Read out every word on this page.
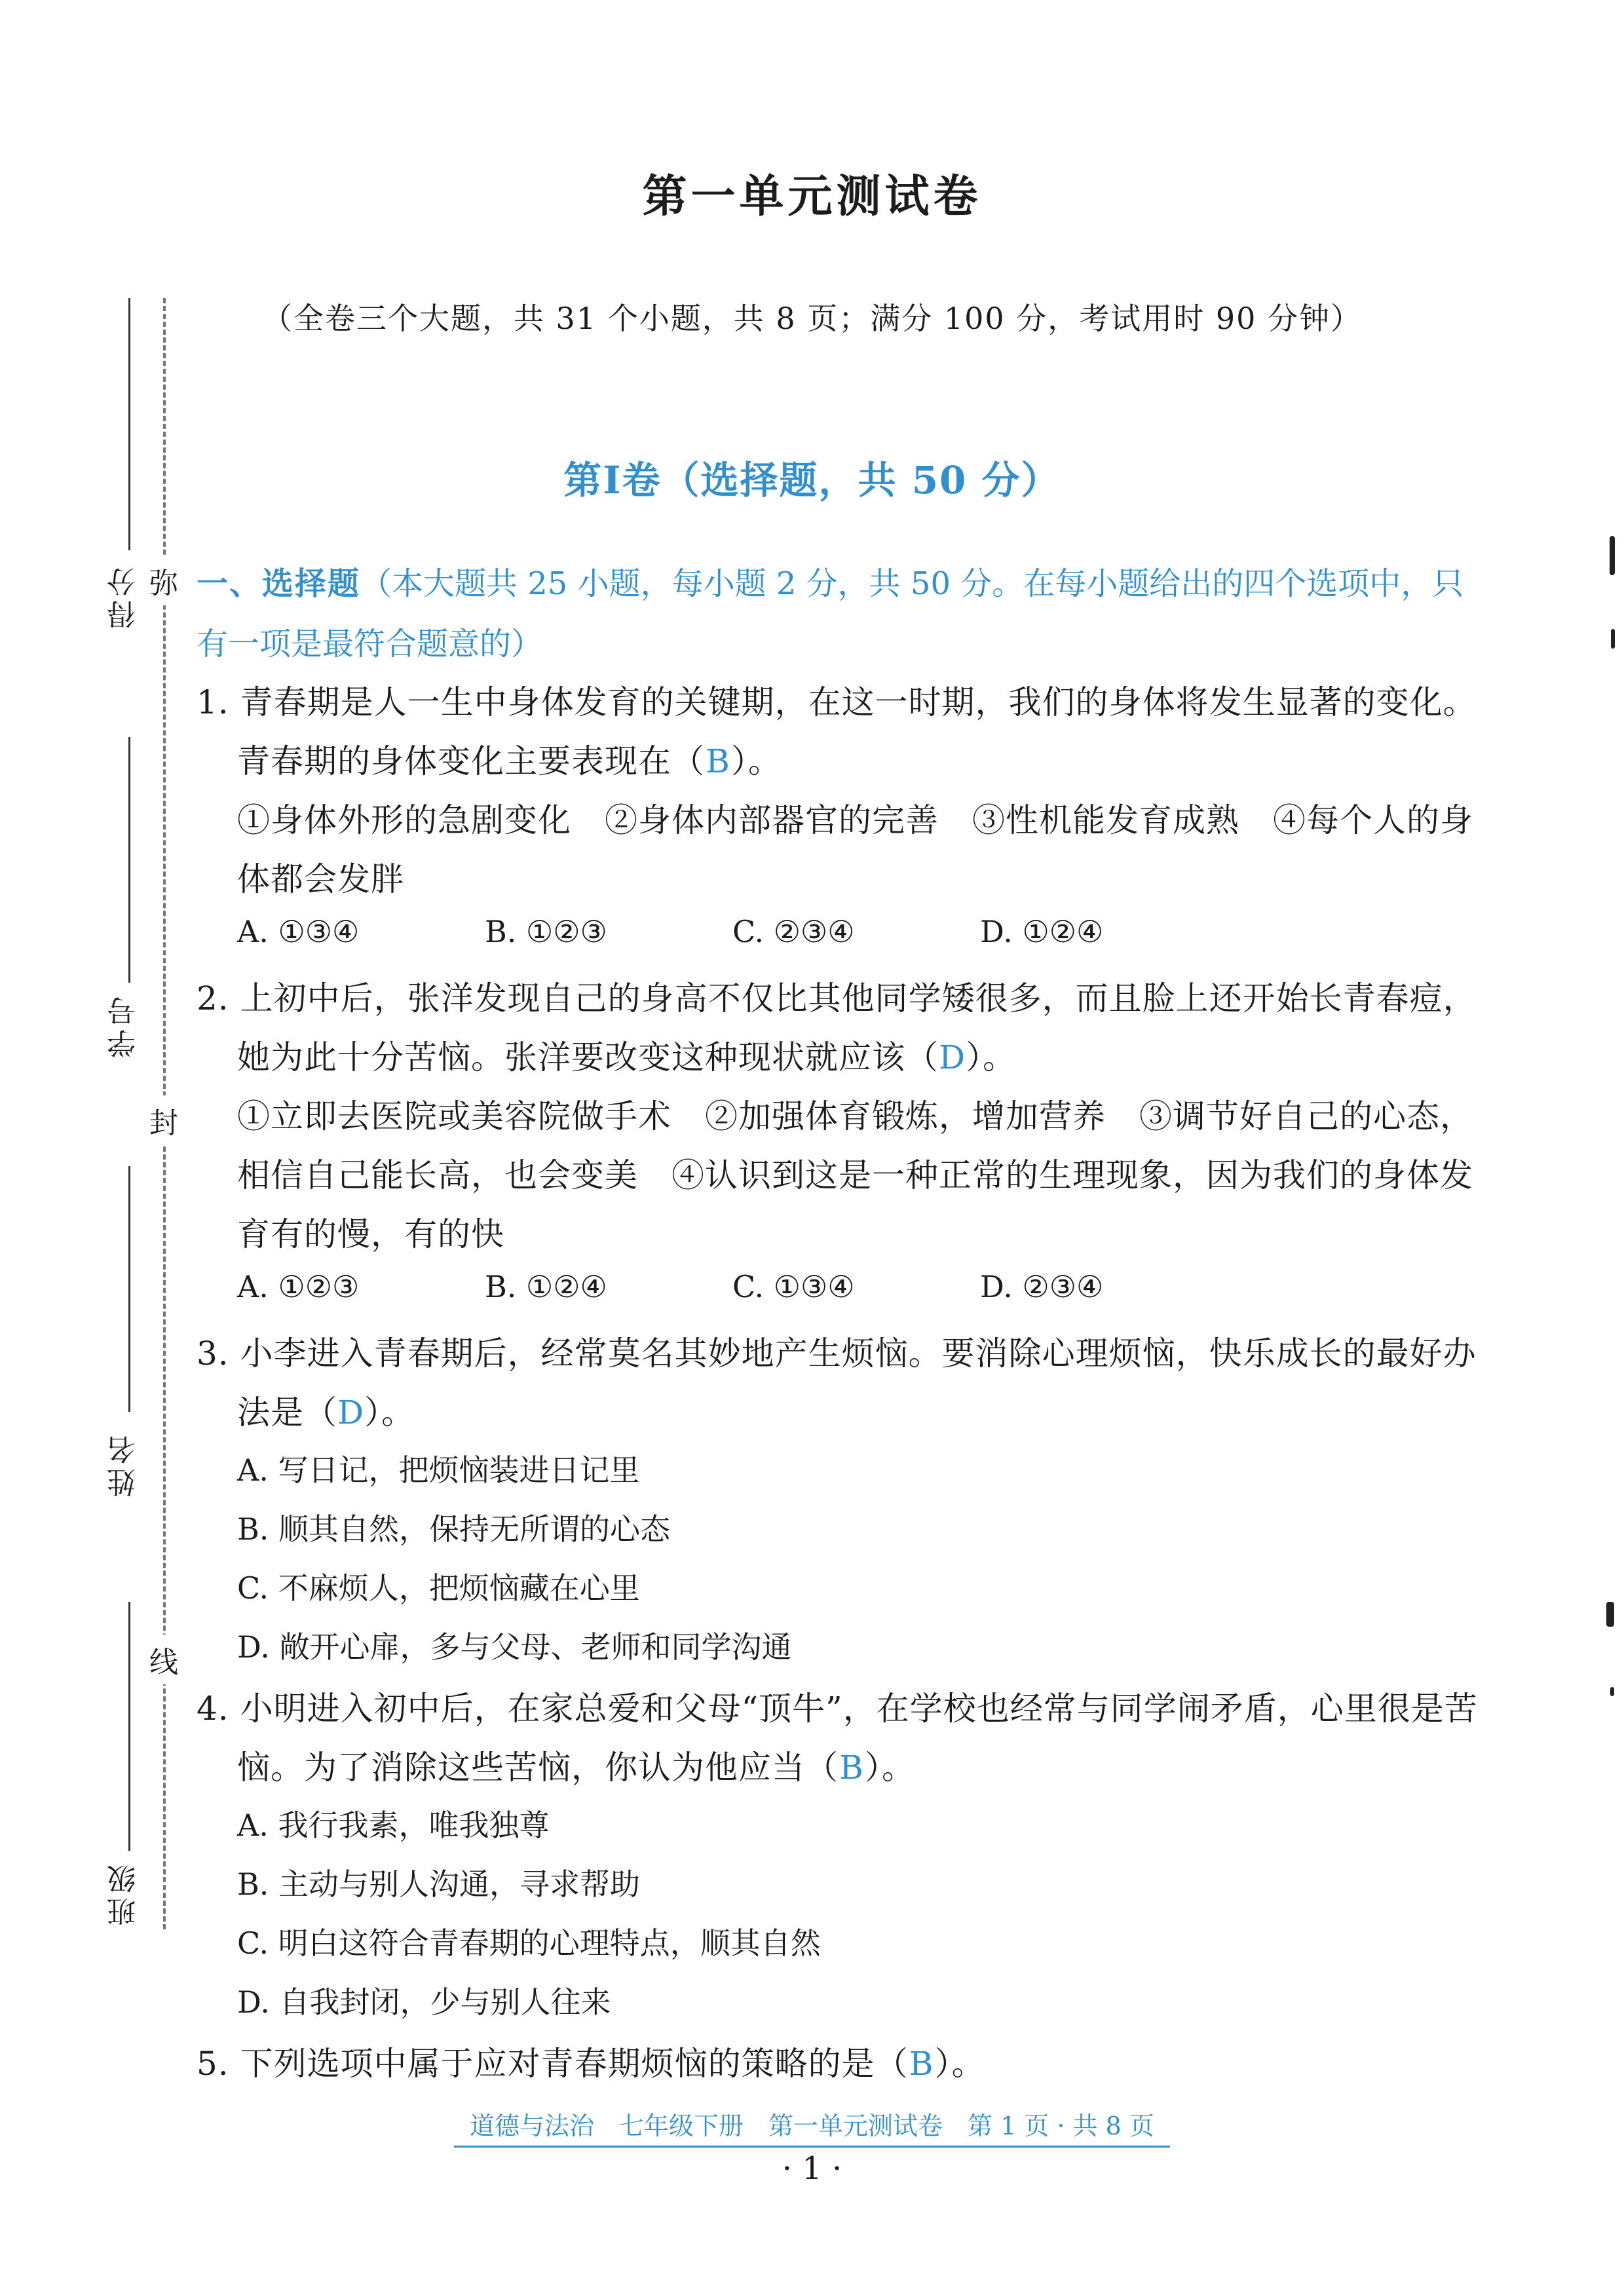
第一单元测试卷
（全卷三个大题，共 31 个小题，共 8 页；满分 100 分，考试用时 90 分钟）
第Ⅰ卷（选择题，共 50 分）
得分
学号
姓名
班级
弥
封
线
一、选择题（本大题共 25 小题，每小题 2 分，共 50 分。在每小题给出的四个选项中，只
有一项是最符合题意的）
1. 青春期是人一生中身体发育的关键期，在这一时期，我们的身体将发生显著的变化。
青春期的身体变化主要表现在（B）。
①身体外形的急剧变化　②身体内部器官的完善　③性机能发育成熟　④每个人的身
体都会发胖
A. ①③④	B. ①②③	C. ②③④	D. ①②④
2. 上初中后，张洋发现自己的身高不仅比其他同学矮很多，而且脸上还开始长青春痘，
她为此十分苦恼。张洋要改变这种现状就应该（D）。
①立即去医院或美容院做手术　②加强体育锻炼，增加营养　③调节好自己的心态，
相信自己能长高，也会变美　④认识到这是一种正常的生理现象，因为我们的身体发
育有的慢，有的快
A. ①②③	B. ①②④	C. ①③④	D. ②③④
3. 小李进入青春期后，经常莫名其妙地产生烦恼。要消除心理烦恼，快乐成长的最好办
法是（D）。
A. 写日记，把烦恼装进日记里
B. 顺其自然，保持无所谓的心态
C. 不麻烦人，把烦恼藏在心里
D. 敞开心扉，多与父母、老师和同学沟通
4. 小明进入初中后，在家总爱和父母“顶牛”，在学校也经常与同学闹矛盾，心里很是苦
恼。为了消除这些苦恼，你认为他应当（B）。
A. 我行我素，唯我独尊
B. 主动与别人沟通，寻求帮助
C. 明白这符合青春期的心理特点，顺其自然
D. 自我封闭，少与别人往来
5. 下列选项中属于应对青春期烦恼的策略的是（B）。
道德与法治　七年级下册　第一单元测试卷　第 1 页 · 共 8 页
· 1 ·
